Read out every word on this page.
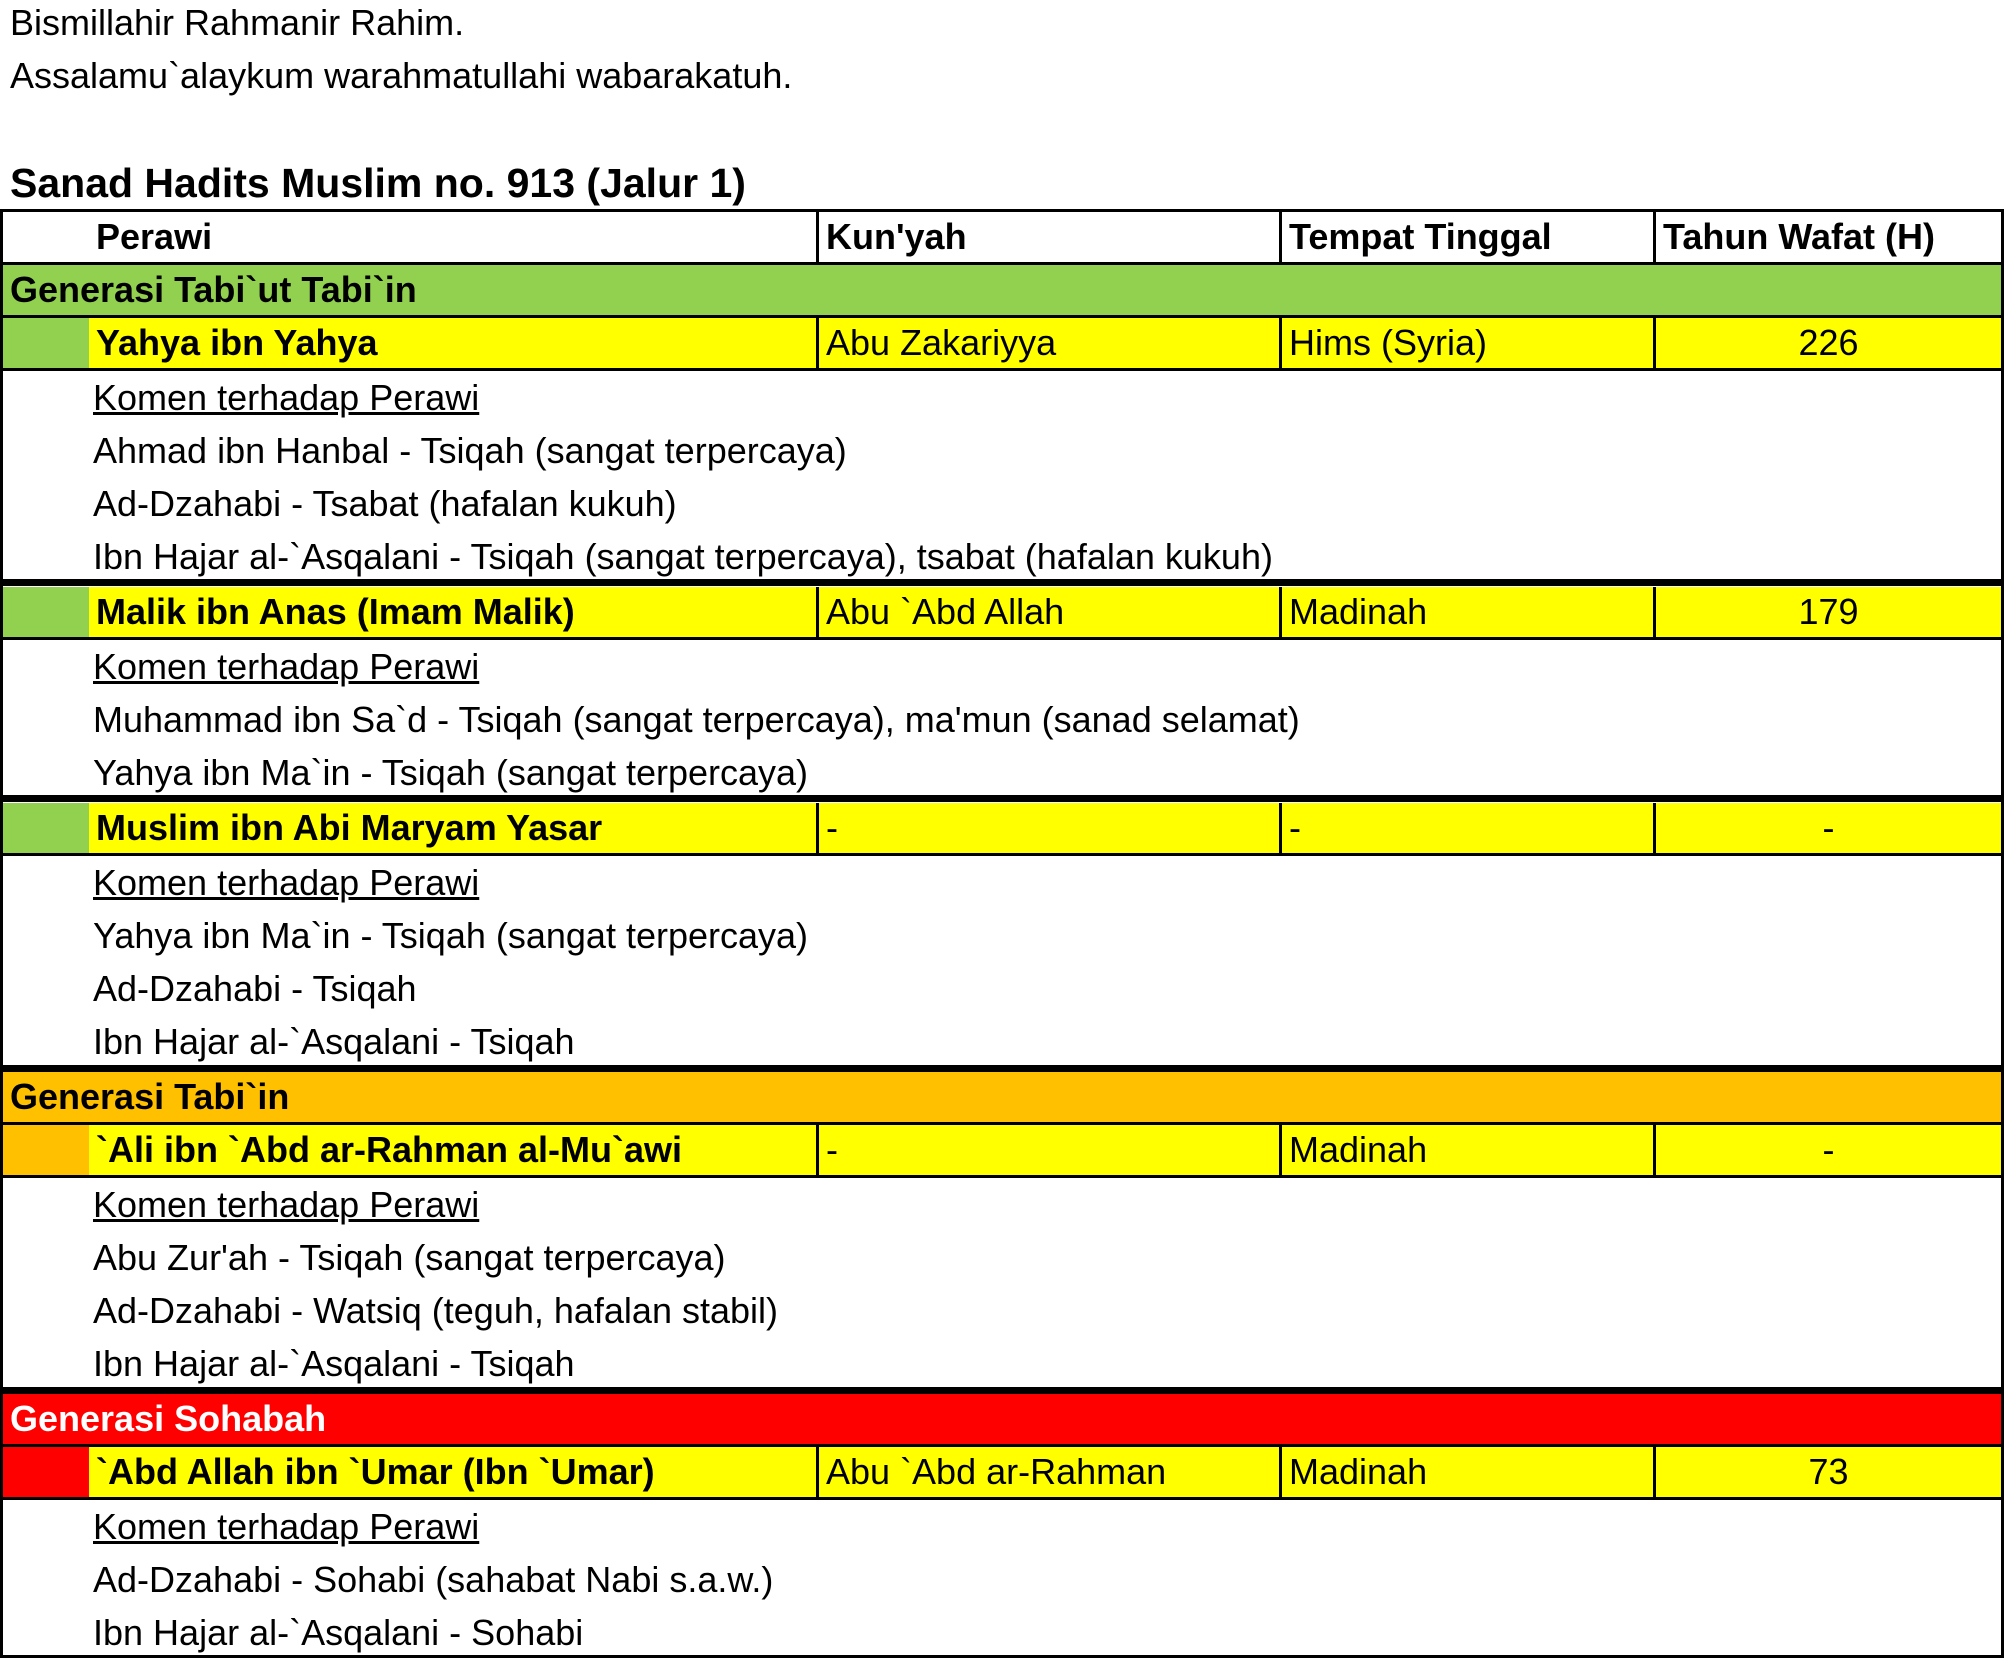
Bismillahir Rahmanir Rahim.
Assalamu`alaykum warahmatullahi wabarakatuh.
Sanad Hadits Muslim no. 913 (Jalur 1)
Perawi	Kun'yah	Tempat Tinggal	Tahun Wafat (H)
Generasi Tabi`ut Tabi`in
Yahya ibn Yahya	Abu Zakariyya	Hims (Syria)	226
Komen terhadap Perawi
Ahmad ibn Hanbal - Tsiqah (sangat terpercaya)
Ad-Dzahabi - Tsabat (hafalan kukuh)
Ibn Hajar al-`Asqalani - Tsiqah (sangat terpercaya), tsabat (hafalan kukuh)
Malik ibn Anas (Imam Malik)	Abu `Abd Allah	Madinah	179
Komen terhadap Perawi
Muhammad ibn Sa`d - Tsiqah (sangat terpercaya), ma'mun (sanad selamat)
Yahya ibn Ma`in - Tsiqah (sangat terpercaya)
Muslim ibn Abi Maryam Yasar	-	-	-
Komen terhadap Perawi
Yahya ibn Ma`in - Tsiqah (sangat terpercaya)
Ad-Dzahabi - Tsiqah
Ibn Hajar al-`Asqalani - Tsiqah
Generasi Tabi`in
`Ali ibn `Abd ar-Rahman al-Mu`awi	-	Madinah	-
Komen terhadap Perawi
Abu Zur'ah - Tsiqah (sangat terpercaya)
Ad-Dzahabi - Watsiq (teguh, hafalan stabil)
Ibn Hajar al-`Asqalani - Tsiqah
Generasi Sohabah
`Abd Allah ibn `Umar (Ibn `Umar)	Abu `Abd ar-Rahman	Madinah	73
Komen terhadap Perawi
Ad-Dzahabi - Sohabi (sahabat Nabi s.a.w.)
Ibn Hajar al-`Asqalani - Sohabi
